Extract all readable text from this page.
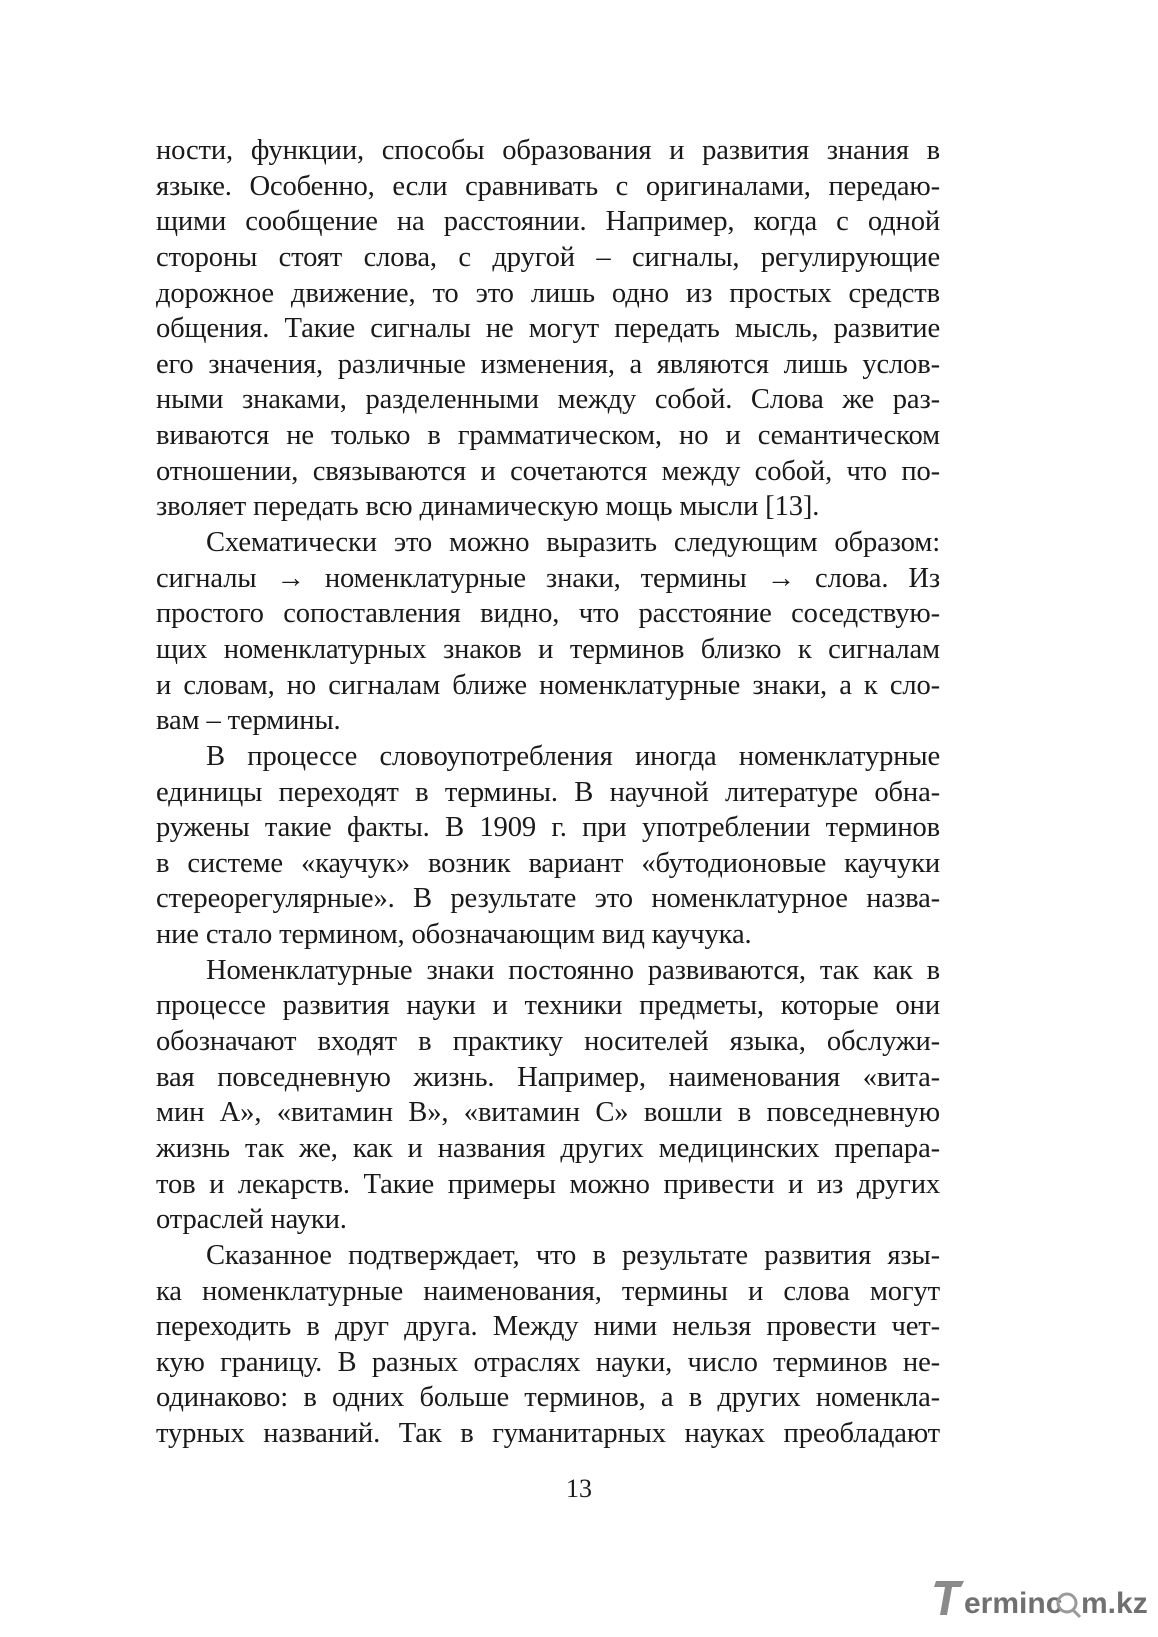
ности, функции, способы образования и развития знания в
языке. Особенно, если сравнивать с оригиналами, передаю-
щими сообщение на расстоянии. Например, когда с одной
стороны стоят слова, с другой – сигналы, регулирующие
дорожное движение, то это лишь одно из простых средств
общения. Такие сигналы не могут передать мысль, развитие
его значения, различные изменения, а являются лишь услов-
ными знаками, разделенными между собой. Слова же раз-
виваются не только в грамматическом, но и семантическом
отношении, связываются и сочетаются между собой, что по-
зволяет передать всю динамическую мощь мысли [13].
Схематически это можно выразить следующим образом:
сигналы → номенклатурные знаки, термины → слова. Из
простого сопоставления видно, что расстояние соседствую-
щих номенклатурных знаков и терминов близко к сигналам
и словам, но сигналам ближе номенклатурные знаки, а к сло-
вам – термины.
В процессе словоупотребления иногда номенклатурные
единицы переходят в термины. В научной литературе обна-
ружены такие факты. В 1909 г. при употреблении терминов
в системе «каучук» возник вариант «бутодионовые каучуки
стереорегулярные». В результате это номенклатурное назва-
ние стало термином, обозначающим вид каучука.
Номенклатурные знаки постоянно развиваются, так как в
процессе развития науки и техники предметы, которые они
обозначают входят в практику носителей языка, обслужи-
вая повседневную жизнь. Например, наименования «вита-
мин А», «витамин В», «витамин С» вошли в повседневную
жизнь так же, как и названия других медицинских препара-
тов и лекарств. Такие примеры можно привести и из других
отраслей науки.
Сказанное подтверждает, что в результате развития язы-
ка номенклатурные наименования, термины и слова могут
переходить в друг друга. Между ними нельзя провести чет-
кую границу. В разных отраслях науки, число терминов не-
одинаково: в одних больше терминов, а в других номенкла-
турных названий. Так в гуманитарных науках преобладают
13
erminc m.kz
